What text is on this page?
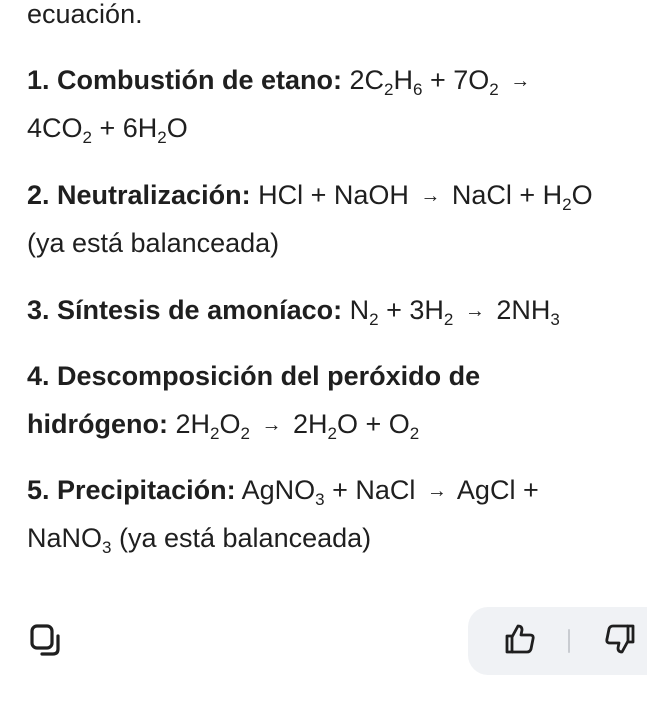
ecuación.
1. Combustión de etano: $2C_2H_6 + 7O_2$ →
$4CO_2 + 6H_2O$
2. Neutralización: HCl + NaOH → NaCl + $H_2O$
(ya está balanceada)
3. Síntesis de amoníaco: $N_2 + 3H_2 \to 2NH_3$
4. Descomposición del peróxido de
hidrógeno: $2H_2O_2 \to 2H_2O + O_2$
5. Precipitación: AgNO$_3$ + NaCl → AgCl +
NaNO$_3$ (ya está balanceada)
